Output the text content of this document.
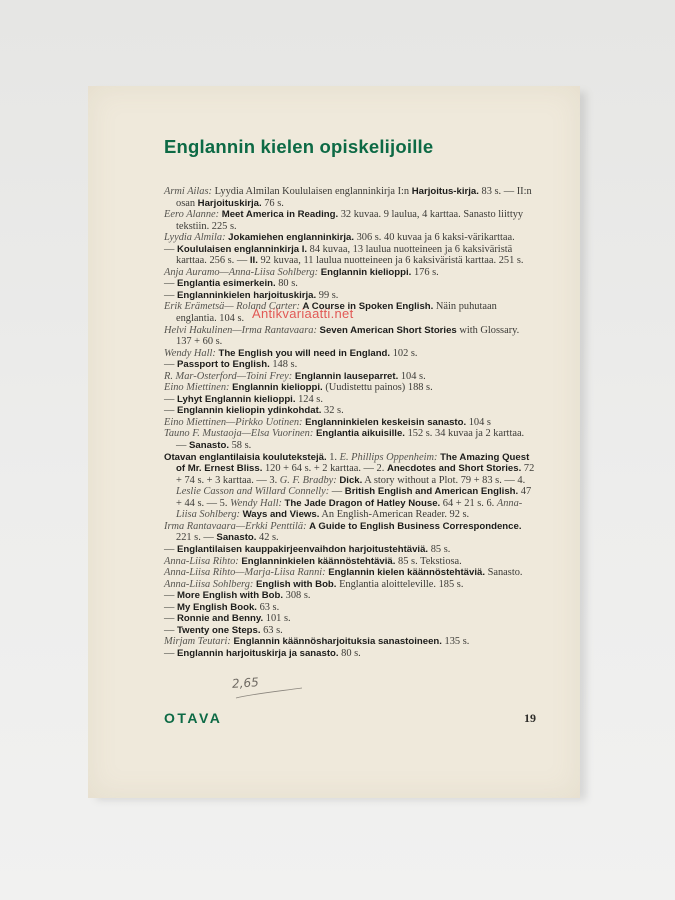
Englannin kielen opiskelijoille
Armi Ailas: Lyydia Almilan Koululaisen englanninkirja I:n Harjoitus-kirja. 83 s. — II:n osan Harjoituskirja. 76 s.
Eero Alanne: Meet America in Reading. 32 kuvaa. 9 laulua, 4 karttaa. Sanasto liittyy tekstiin. 225 s.
Lyydia Almila: Jokamiehen englanninkirja. 306 s. 40 kuvaa ja 6 kaksi-värikarttaa.
— Koululaisen englanninkirja I. 84 kuvaa, 13 laulua nuotteineen ja 6 kaksiväristä karttaa. 256 s. — II. 92 kuvaa, 11 laulua nuotteineen ja 6 kaksiväristä karttaa. 251 s.
Anja Auramo—Anna-Liisa Sohlberg: Englannin kielioppi. 176 s.
— Englantia esimerkein. 80 s.
— Englanninkielen harjoituskirja. 99 s.
Erik Erämetsä— Roland Carter: A Course in Spoken English. Näin puhutaan englantia. 104 s.
Helvi Hakulinen—Irma Rantavaara: Seven American Short Stories with Glossary. 137 + 60 s.
Wendy Hall: The English you will need in England. 102 s.
— Passport to English. 148 s.
R. Mar-Osterford—Toini Frey: Englannin lauseparret. 104 s.
Eino Miettinen: Englannin kielioppi. (Uudistettu painos) 188 s.
— Lyhyt Englannin kielioppi. 124 s.
— Englannin kieliopin ydinkohdat. 32 s.
Eino Miettinen—Pirkko Uotinen: Englanninkielen keskeisin sanasto. 104 s
Tauno F. Mustaoja—Elsa Vuorinen: Englantia aikuisille. 152 s. 34 kuvaa ja 2 karttaa. — Sanasto. 58 s.
Otavan englantilaisia koulutekstejä. 1. E. Phillips Oppenheim: The Amazing Quest of Mr. Ernest Bliss. 120 + 64 s. + 2 karttaa. — 2. Anecdotes and Short Stories. 72 + 74 s. + 3 karttaa. — 3. G. F. Bradby: Dick. A story without a Plot. 79 + 83 s. — 4. Leslie Casson and Willard Connelly: — British English and American English. 47 + 44 s. — 5. Wendy Hall: The Jade Dragon of Hatley Nouse. 64 + 21 s. 6. Anna-Liisa Sohlberg: Ways and Views. An English-American Reader. 92 s.
Irma Rantavaara—Erkki Penttilä: A Guide to English Business Correspondence. 221 s. — Sanasto. 42 s.
— Englantilaisen kauppakirjeenvaihdon harjoitustehtäviä. 85 s.
Anna-Liisa Rihto: Englanninkielen käännöstehtäviä. 85 s. Tekstiosa.
Anna-Liisa Rihto—Marja-Liisa Ranni: Englannin kielen käännöstehtäviä. Sanasto.
Anna-Liisa Sohlberg: English with Bob. Englantia aloitteleville. 185 s.
— More English with Bob. 308 s.
— My English Book. 63 s.
— Ronnie and Benny. 101 s.
— Twenty one Steps. 63 s.
Mirjam Teutari: Englannin käännösharjoituksia sanastoineen. 135 s.
— Englannin harjoituskirja ja sanasto. 80 s.
OTAVA	19
Antikvariaatti.net
2,65
